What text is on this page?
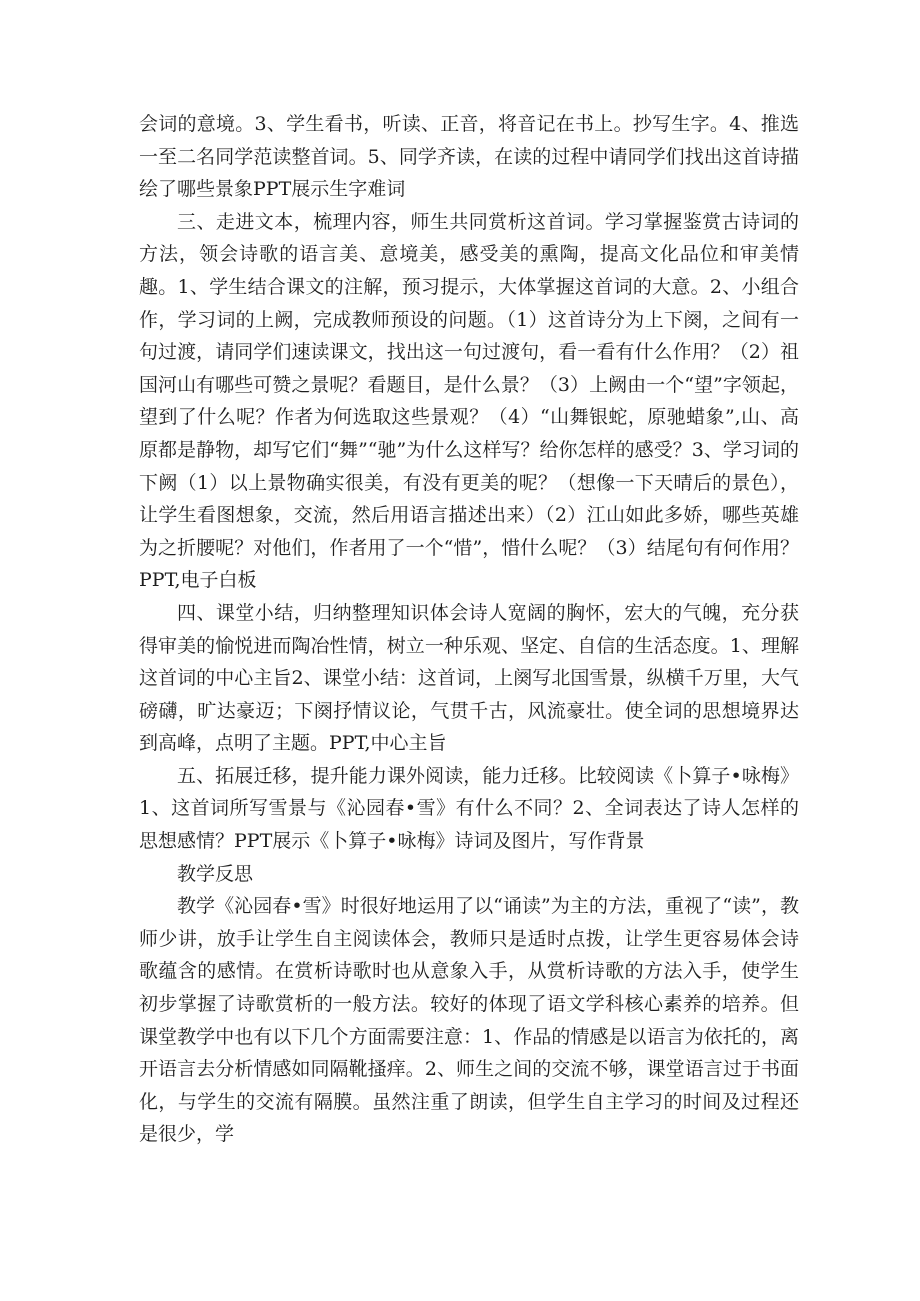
会词的意境。3、学生看书，听读、正音，将音记在书上。抄写生字。4、推选一至二名同学范读整首词。5、同学齐读，在读的过程中请同学们找出这首诗描绘了哪些景象PPT展示生字难词

三、走进文本，梳理内容，师生共同赏析这首词。学习掌握鉴赏古诗词的方法，领会诗歌的语言美、意境美，感受美的熏陶，提高文化品位和审美情趣。1、学生结合课文的注解，预习提示，大体掌握这首词的大意。2、小组合作，学习词的上阙，完成教师预设的问题。（1）这首诗分为上下阕，之间有一句过渡，请同学们速读课文，找出这一句过渡句，看一看有什么作用？（2）祖国河山有哪些可赞之景呢？看题目，是什么景？（3）上阙由一个“望”字领起，望到了什么呢？作者为何选取这些景观？（4）“山舞银蛇，原驰蜡象”,山、高原都是静物，却写它们“舞”“驰”为什么这样写？给你怎样的感受？3、学习词的下阙（1）以上景物确实很美，有没有更美的呢？（想像一下天晴后的景色），让学生看图想象，交流，然后用语言描述出来）（2）江山如此多娇，哪些英雄为之折腰呢？对他们，作者用了一个“惜”，惜什么呢？（3）结尾句有何作用？PPT,电子白板

四、课堂小结，归纳整理知识体会诗人宽阔的胸怀，宏大的气魄，充分获得审美的愉悦进而陶冶性情，树立一种乐观、坚定、自信的生活态度。1、理解这首词的中心主旨2、课堂小结：这首词，上阕写北国雪景，纵横千万里，大气磅礴，旷达豪迈；下阕抒情议论，气贯千古，风流豪壮。使全词的思想境界达到高峰，点明了主题。PPT,中心主旨

五、拓展迁移，提升能力课外阅读，能力迁移。比较阅读《卜算子•咏梅》1、这首词所写雪景与《沁园春•雪》有什么不同？2、全词表达了诗人怎样的思想感情？PPT展示《卜算子•咏梅》诗词及图片，写作背景

教学反思

教学《沁园春•雪》时很好地运用了以“诵读”为主的方法，重视了“读”，教师少讲，放手让学生自主阅读体会，教师只是适时点拨，让学生更容易体会诗歌蕴含的感情。在赏析诗歌时也从意象入手，从赏析诗歌的方法入手，使学生初步掌握了诗歌赏析的一般方法。较好的体现了语文学科核心素养的培养。但课堂教学中也有以下几个方面需要注意：1、作品的情感是以语言为依托的，离开语言去分析情感如同隔靴搔痒。2、师生之间的交流不够，课堂语言过于书面化，与学生的交流有隔膜。虽然注重了朗读，但学生自主学习的时间及过程还是很少，学
